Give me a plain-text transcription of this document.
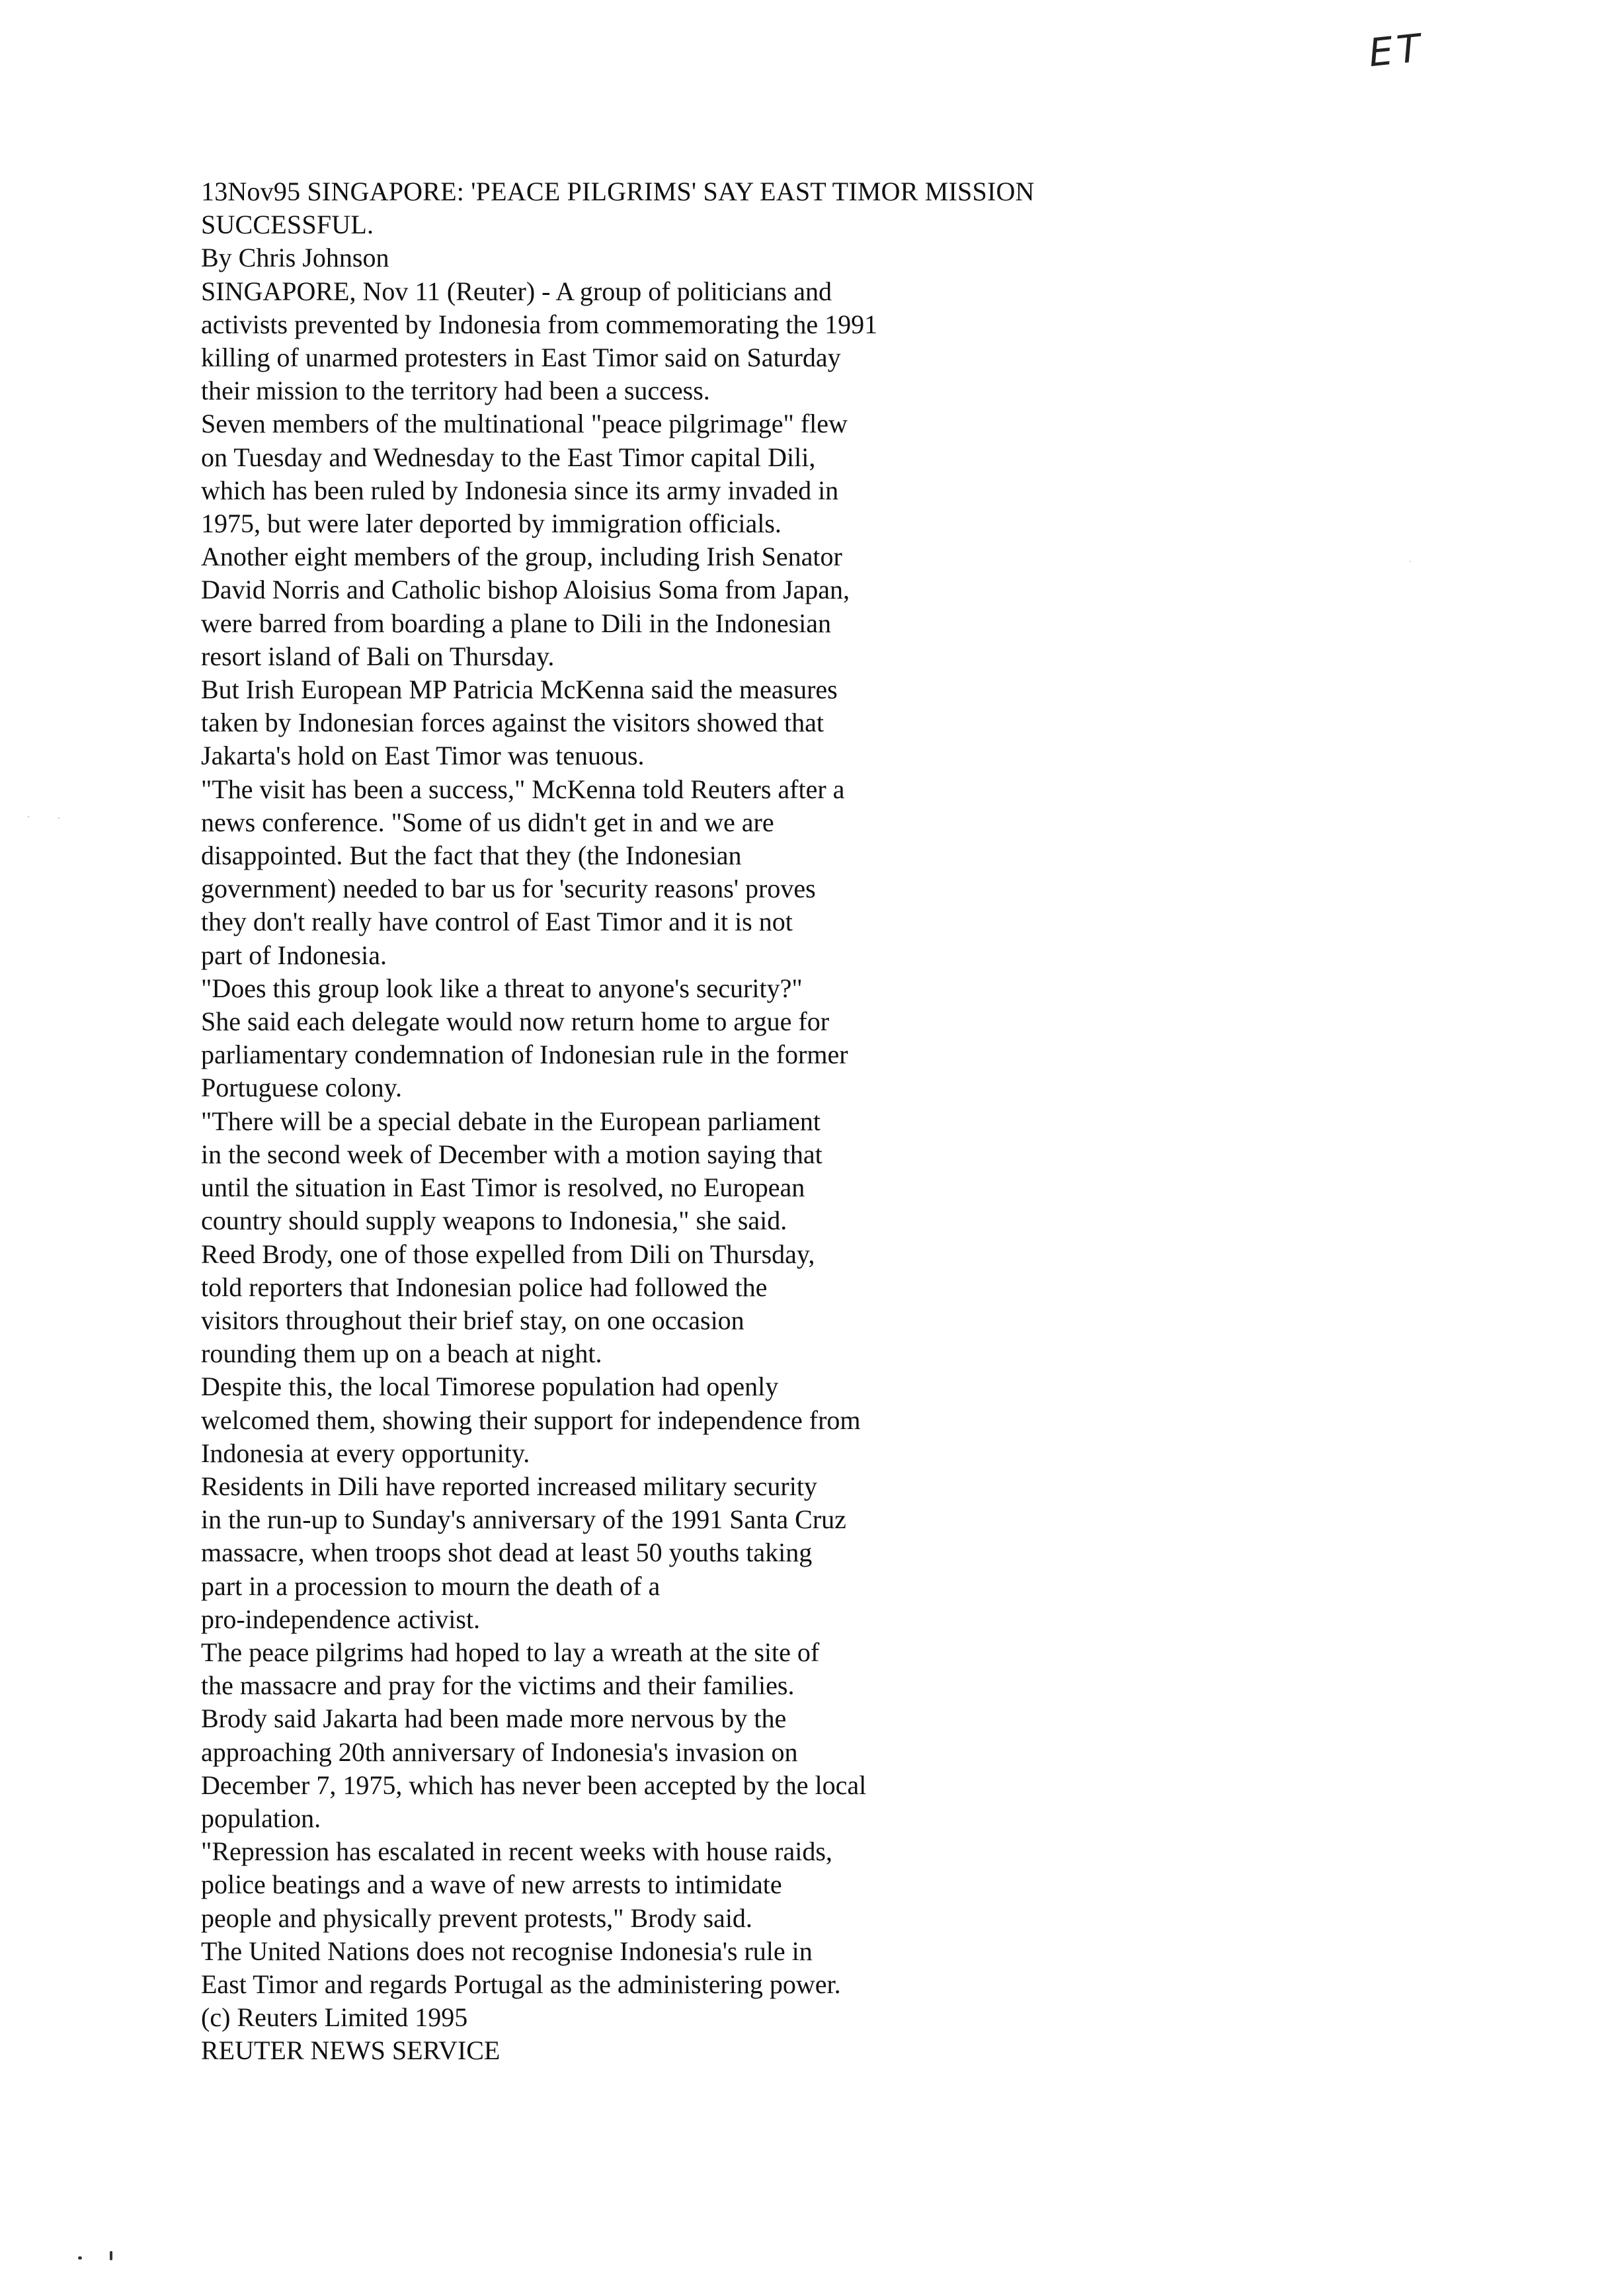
ET
13Nov95 SINGAPORE: 'PEACE PILGRIMS' SAY EAST TIMOR MISSION
SUCCESSFUL.
By Chris Johnson
SINGAPORE, Nov 11 (Reuter) - A group of politicians and
activists prevented by Indonesia from commemorating the 1991
killing of unarmed protesters in East Timor said on Saturday
their mission to the territory had been a success.
Seven members of the multinational "peace pilgrimage" flew
on Tuesday and Wednesday to the East Timor capital Dili,
which has been ruled by Indonesia since its army invaded in
1975, but were later deported by immigration officials.
Another eight members of the group, including Irish Senator
David Norris and Catholic bishop Aloisius Soma from Japan,
were barred from boarding a plane to Dili in the Indonesian
resort island of Bali on Thursday.
But Irish European MP Patricia McKenna said the measures
taken by Indonesian forces against the visitors showed that
Jakarta's hold on East Timor was tenuous.
"The visit has been a success," McKenna told Reuters after a
news conference. "Some of us didn't get in and we are
disappointed. But the fact that they (the Indonesian
government) needed to bar us for 'security reasons' proves
they don't really have control of East Timor and it is not
part of Indonesia.
"Does this group look like a threat to anyone's security?"
She said each delegate would now return home to argue for
parliamentary condemnation of Indonesian rule in the former
Portuguese colony.
"There will be a special debate in the European parliament
in the second week of December with a motion saying that
until the situation in East Timor is resolved, no European
country should supply weapons to Indonesia," she said.
Reed Brody, one of those expelled from Dili on Thursday,
told reporters that Indonesian police had followed the
visitors throughout their brief stay, on one occasion
rounding them up on a beach at night.
Despite this, the local Timorese population had openly
welcomed them, showing their support for independence from
Indonesia at every opportunity.
Residents in Dili have reported increased military security
in the run-up to Sunday's anniversary of the 1991 Santa Cruz
massacre, when troops shot dead at least 50 youths taking
part in a procession to mourn the death of a
pro-independence activist.
The peace pilgrims had hoped to lay a wreath at the site of
the massacre and pray for the victims and their families.
Brody said Jakarta had been made more nervous by the
approaching 20th anniversary of Indonesia's invasion on
December 7, 1975, which has never been accepted by the local
population.
"Repression has escalated in recent weeks with house raids,
police beatings and a wave of new arrests to intimidate
people and physically prevent protests," Brody said.
The United Nations does not recognise Indonesia's rule in
East Timor and regards Portugal as the administering power.
(c) Reuters Limited 1995
REUTER NEWS SERVICE
